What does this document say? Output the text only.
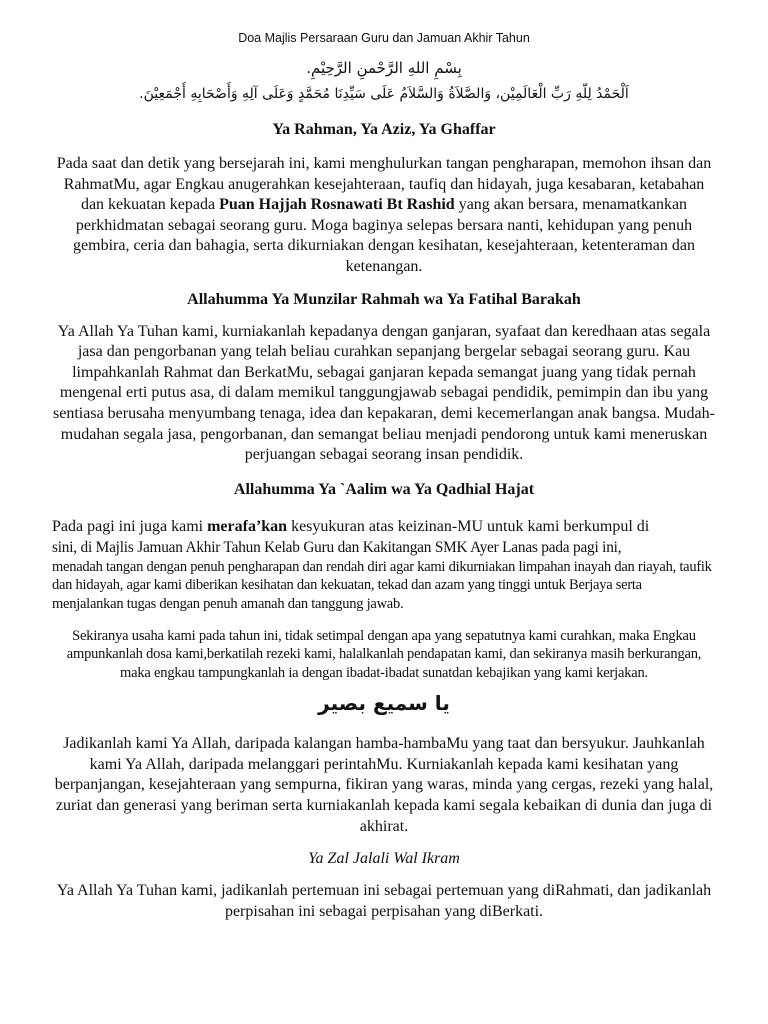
Doa Majlis Persaraan Guru dan Jamuan Akhir Tahun

بِسْمِ اللهِ الرَّحْمنِ الرَّحِيْمِ.

اَلْحَمْدُ لِلّهِ رَبِّ الْعَالَمِيْن، وَالصَّلاَةُ وَالسَّلاَمُ عَلَى سَيِّدِنَا مُحَمَّدٍ وَعَلَى آلِهِ وَأَصْحَابِهِ أَجْمَعِيْنَ.

Ya Rahman, Ya Aziz, Ya Ghaffar

Pada saat dan detik yang bersejarah ini, kami menghulurkan tangan pengharapan, memohon ihsan dan RahmatMu, agar Engkau anugerahkan kesejahteraan, taufiq dan hidayah, juga kesabaran, ketabahan dan kekuatan kepada Puan Hajjah Rosnawati Bt Rashid yang akan bersara, menamatkankan perkhidmatan sebagai seorang guru. Moga baginya selepas bersara nanti, kehidupan yang penuh gembira, ceria dan bahagia, serta dikurniakan dengan kesihatan, kesejahteraan, ketenteraman dan ketenangan.

Allahumma Ya Munzilar Rahmah wa Ya Fatihal Barakah

Ya Allah Ya Tuhan kami, kurniakanlah kepadanya dengan ganjaran, syafaat dan keredhaan atas segala jasa dan pengorbanan yang telah beliau curahkan sepanjang bergelar sebagai seorang guru. Kau limpahkanlah Rahmat dan BerkatMu, sebagai ganjaran kepada semangat juang yang tidak pernah mengenal erti putus asa, di dalam memikul tanggungjawab sebagai pendidik, pemimpin dan ibu yang sentiasa berusaha menyumbang tenaga, idea dan kepakaran, demi kecemerlangan anak bangsa. Mudah-mudahan segala jasa, pengorbanan, dan semangat beliau menjadi pendorong untuk kami meneruskan perjuangan sebagai seorang insan pendidik.

Allahumma Ya `Aalim wa Ya Qadhial Hajat

Pada pagi ini juga kami merafa’kan kesyukuran atas keizinan-MU untuk kami berkumpul di

sini, di Majlis Jamuan Akhir Tahun Kelab Guru dan Kakitangan SMK Ayer Lanas pada pagi ini,

menadah tangan dengan penuh pengharapan dan rendah diri agar kami dikurniakan limpahan inayah dan riayah, taufik dan hidayah, agar kami diberikan kesihatan dan kekuatan, tekad dan azam yang tinggi untuk Berjaya serta menjalankan tugas dengan penuh amanah dan tanggung jawab.

Sekiranya usaha kami pada tahun ini, tidak setimpal dengan apa yang sepatutnya kami curahkan, maka Engkau ampunkanlah dosa kami,berkatilah rezeki kami, halalkanlah pendapatan kami, dan sekiranya masih berkurangan, maka engkau tampungkanlah ia dengan ibadat-ibadat sunatdan kebajikan yang kami kerjakan.

يا سميع بصير

Jadikanlah kami Ya Allah, daripada kalangan hamba-hambaMu yang taat dan bersyukur. Jauhkanlah kami Ya Allah, daripada melanggari perintahMu. Kurniakanlah kepada kami kesihatan yang berpanjangan, kesejahteraan yang sempurna, fikiran yang waras, minda yang cergas, rezeki yang halal, zuriat dan generasi yang beriman serta kurniakanlah kepada kami segala kebaikan di dunia dan juga di akhirat.

Ya Zal Jalali Wal Ikram

Ya Allah Ya Tuhan kami, jadikanlah pertemuan ini sebagai pertemuan yang diRahmati, dan jadikanlah perpisahan ini sebagai perpisahan yang diBerkati.
